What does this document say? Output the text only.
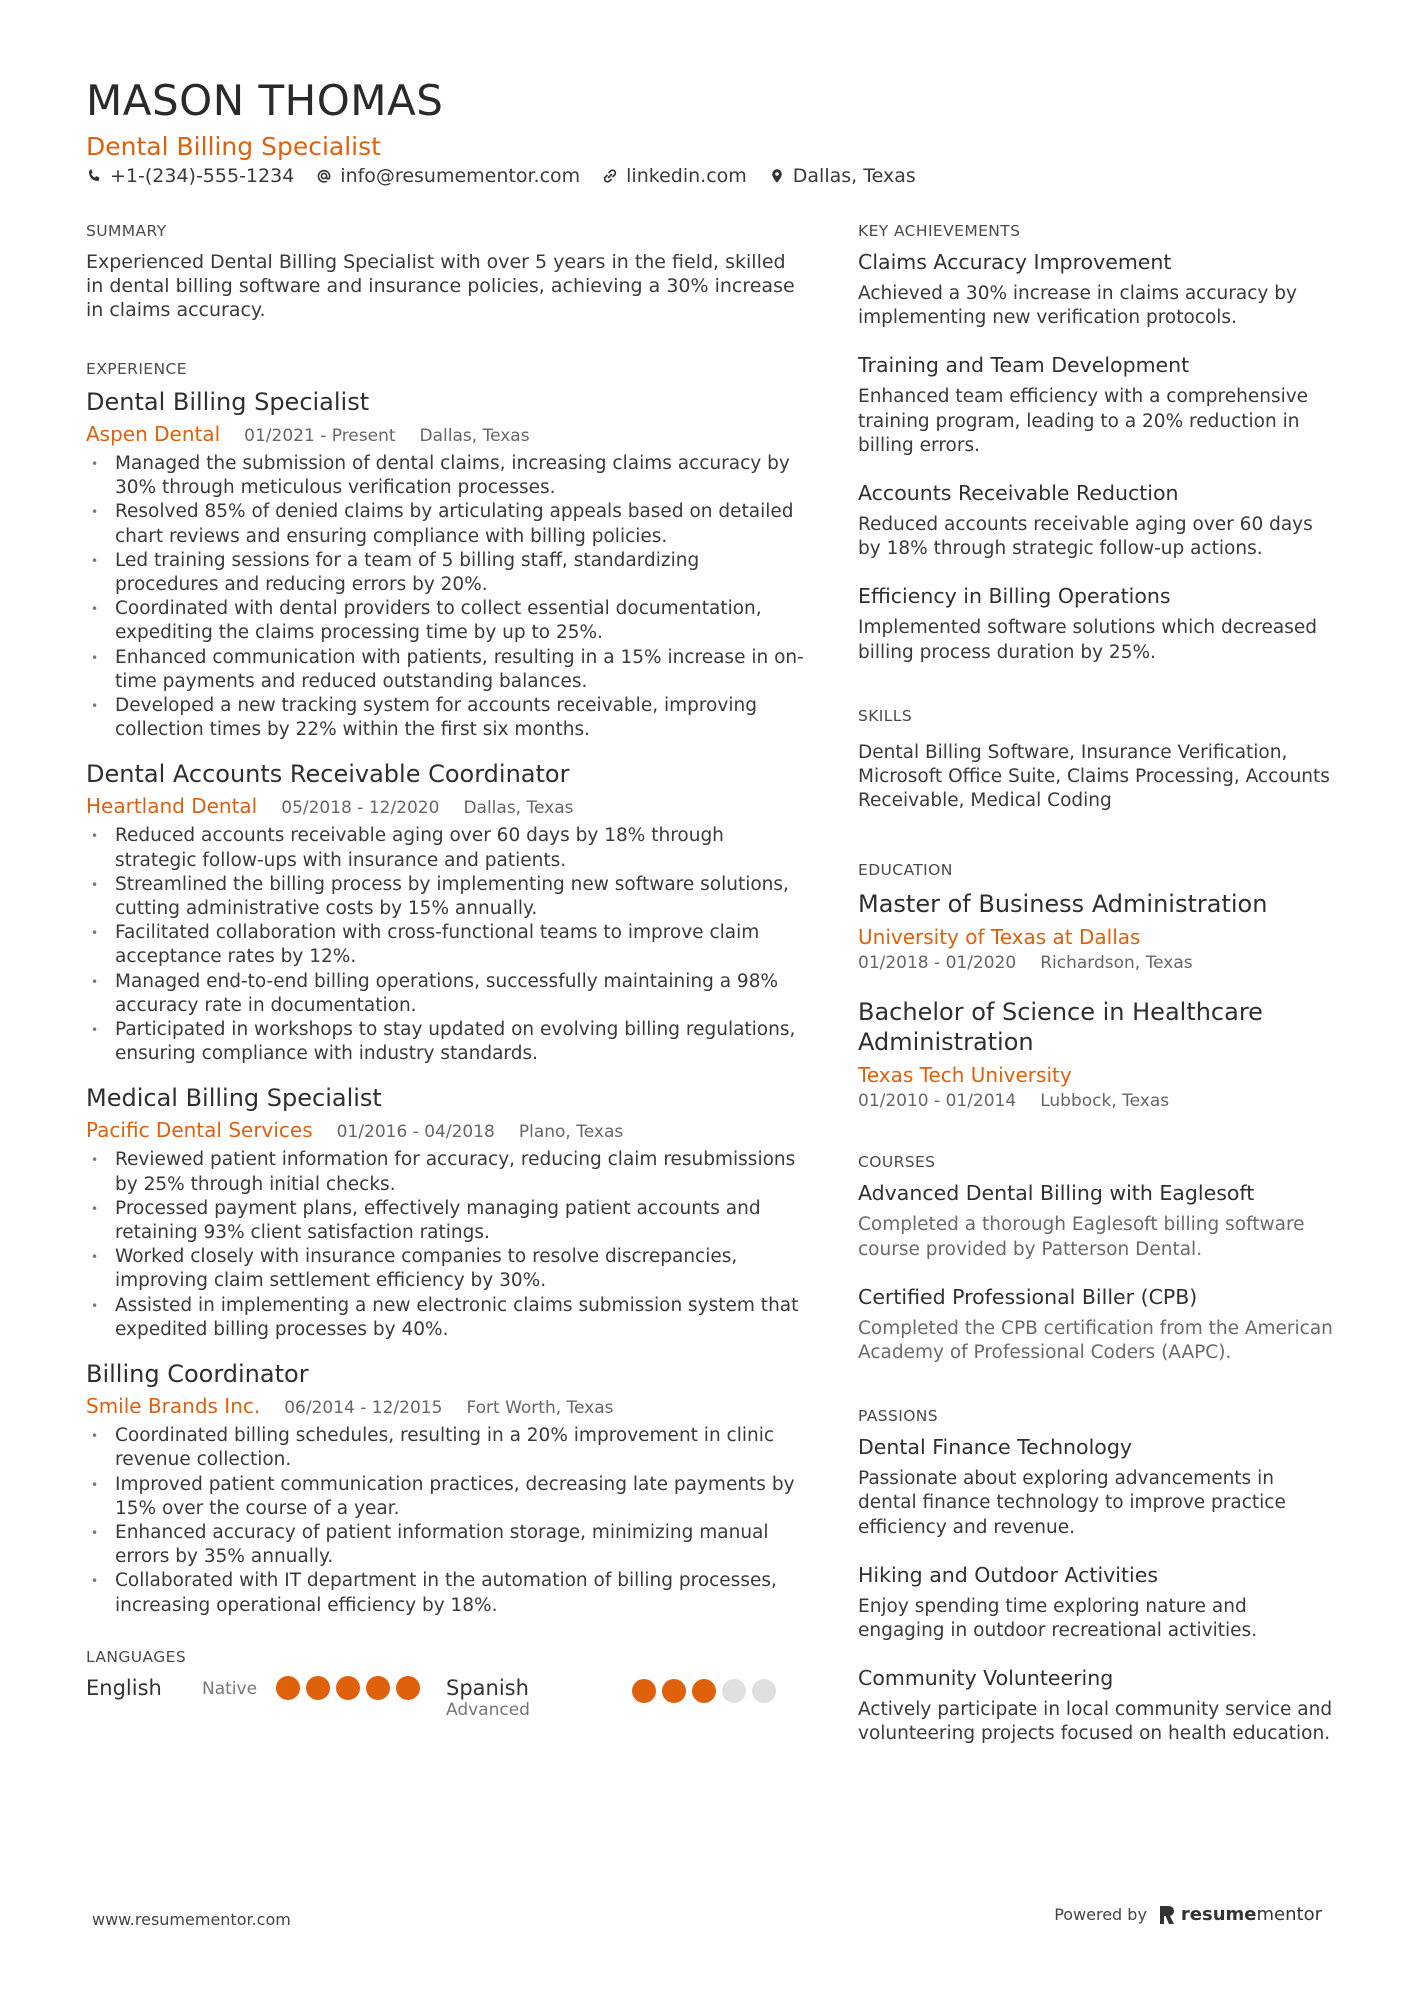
MASON THOMAS
Dental Billing Specialist
+1-(234)-555-1234 info@resumementor.com linkedin.com Dallas, Texas
SUMMARY
Experienced Dental Billing Specialist with over 5 years in the field, skilled in dental billing software and insurance policies, achieving a 30% increase in claims accuracy.
EXPERIENCE
Dental Billing Specialist
Aspen Dental 01/2021 - Present Dallas, Texas
• Managed the submission of dental claims, increasing claims accuracy by 30% through meticulous verification processes.
• Resolved 85% of denied claims by articulating appeals based on detailed chart reviews and ensuring compliance with billing policies.
• Led training sessions for a team of 5 billing staff, standardizing procedures and reducing errors by 20%.
• Coordinated with dental providers to collect essential documentation, expediting the claims processing time by up to 25%.
• Enhanced communication with patients, resulting in a 15% increase in on-time payments and reduced outstanding balances.
• Developed a new tracking system for accounts receivable, improving collection times by 22% within the first six months.
Dental Accounts Receivable Coordinator
Heartland Dental 05/2018 - 12/2020 Dallas, Texas
• Reduced accounts receivable aging over 60 days by 18% through strategic follow-ups with insurance and patients.
• Streamlined the billing process by implementing new software solutions, cutting administrative costs by 15% annually.
• Facilitated collaboration with cross-functional teams to improve claim acceptance rates by 12%.
• Managed end-to-end billing operations, successfully maintaining a 98% accuracy rate in documentation.
• Participated in workshops to stay updated on evolving billing regulations, ensuring compliance with industry standards.
Medical Billing Specialist
Pacific Dental Services 01/2016 - 04/2018 Plano, Texas
• Reviewed patient information for accuracy, reducing claim resubmissions by 25% through initial checks.
• Processed payment plans, effectively managing patient accounts and retaining 93% client satisfaction ratings.
• Worked closely with insurance companies to resolve discrepancies, improving claim settlement efficiency by 30%.
• Assisted in implementing a new electronic claims submission system that expedited billing processes by 40%.
Billing Coordinator
Smile Brands Inc. 06/2014 - 12/2015 Fort Worth, Texas
• Coordinated billing schedules, resulting in a 20% improvement in clinic revenue collection.
• Improved patient communication practices, decreasing late payments by 15% over the course of a year.
• Enhanced accuracy of patient information storage, minimizing manual errors by 35% annually.
• Collaborated with IT department in the automation of billing processes, increasing operational efficiency by 18%.
LANGUAGES
English	Native	Spanish
Advanced
KEY ACHIEVEMENTS
Claims Accuracy Improvement
Achieved a 30% increase in claims accuracy by implementing new verification protocols.
Training and Team Development
Enhanced team efficiency with a comprehensive training program, leading to a 20% reduction in billing errors.
Accounts Receivable Reduction
Reduced accounts receivable aging over 60 days by 18% through strategic follow-up actions.
Efficiency in Billing Operations
Implemented software solutions which decreased billing process duration by 25%.
SKILLS
Dental Billing Software, Insurance Verification, Microsoft Office Suite, Claims Processing, Accounts Receivable, Medical Coding
EDUCATION
Master of Business Administration
University of Texas at Dallas
01/2018 - 01/2020 Richardson, Texas
Bachelor of Science in Healthcare Administration
Texas Tech University
01/2010 - 01/2014 Lubbock, Texas
COURSES
Advanced Dental Billing with Eaglesoft
Completed a thorough Eaglesoft billing software course provided by Patterson Dental.
Certified Professional Biller (CPB)
Completed the CPB certification from the American Academy of Professional Coders (AAPC).
PASSIONS
Dental Finance Technology
Passionate about exploring advancements in dental finance technology to improve practice efficiency and revenue.
Hiking and Outdoor Activities
Enjoy spending time exploring nature and engaging in outdoor recreational activities.
Community Volunteering
Actively participate in local community service and volunteering projects focused on health education.
www.resumementor.com	Powered by resumementor
